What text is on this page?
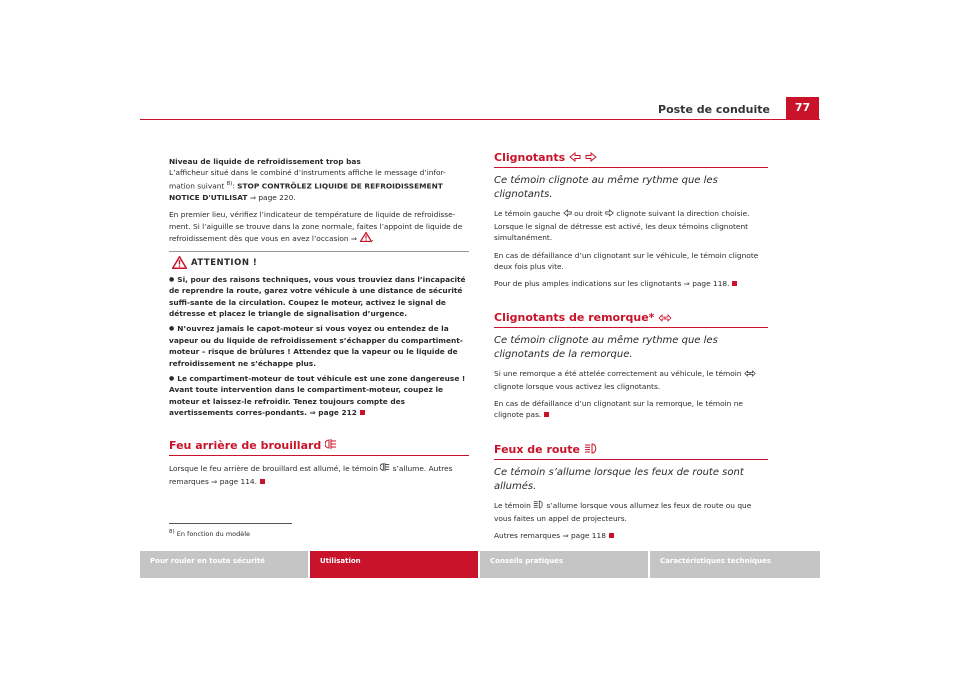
Poste de conduite	77

Niveau de liquide de refroidissement trop bas
L’afficheur situé dans le combiné d’instruments affiche le message d’infor-mation suivant $^{8)}$: STOP CONTRÔLEZ LIQUIDE DE REFROIDISSEMENT NOTICE D'UTILISAT ⇒ page 220.

En premier lieu, vérifiez l’indicateur de température de liquide de refroidisse-ment. Si l’aiguille se trouve dans la zone normale, faites l’appoint de liquide de refroidissement dès que vous en avez l’occasion ⇒ .

ATTENTION !
● Si, pour des raisons techniques, vous vous trouviez dans l’incapacité de reprendre la route, garez votre véhicule à une distance de sécurité suffi-sante de la circulation. Coupez le moteur, activez le signal de détresse et placez le triangle de signalisation d’urgence.
● N’ouvrez jamais le capot-moteur si vous voyez ou entendez de la vapeur ou du liquide de refroidissement s’échapper du compartiment-moteur – risque de brûlures ! Attendez que la vapeur ou le liquide de refroidissement ne s’échappe plus.
● Le compartiment-moteur de tout véhicule est une zone dangereuse ! Avant toute intervention dans le compartiment-moteur, coupez le moteur et laissez-le refroidir. Tenez toujours compte des avertissements corres-pondants. ⇒ page 212
Feu arrière de brouillard

Lorsque le feu arrière de brouillard est allumé, le témoin s’allume. Autres remarques ⇒ page 114.

$^{8)}$ En fonction du modèle
Clignotants
Ce témoin clignote au même rythme que les clignotants.

Le témoin gauche ou droit clignote suivant la direction choisie. Lorsque le signal de détresse est activé, les deux témoins clignotent simultanément.

En cas de défaillance d’un clignotant sur le véhicule, le témoin clignote deux fois plus vite.

Pour de plus amples indications sur les clignotants ⇒ page 118.

Clignotants de remorque*
Ce témoin clignote au même rythme que les clignotants de la remorque.

Si une remorque a été attelée correctement au véhicule, le témoin  clignote lorsque vous activez les clignotants.

En cas de défaillance d’un clignotant sur la remorque, le témoin ne clignote pas.

Feux de route
Ce témoin s’allume lorsque les feux de route sont allumés.

Le témoin s’allume lorsque vous allumez les feux de route ou que vous faites un appel de projecteurs.

Autres remarques ⇒ page 118

Pour rouler en toute sécurité	Utilisation	Conseils pratiques	Caractéristiques techniques
